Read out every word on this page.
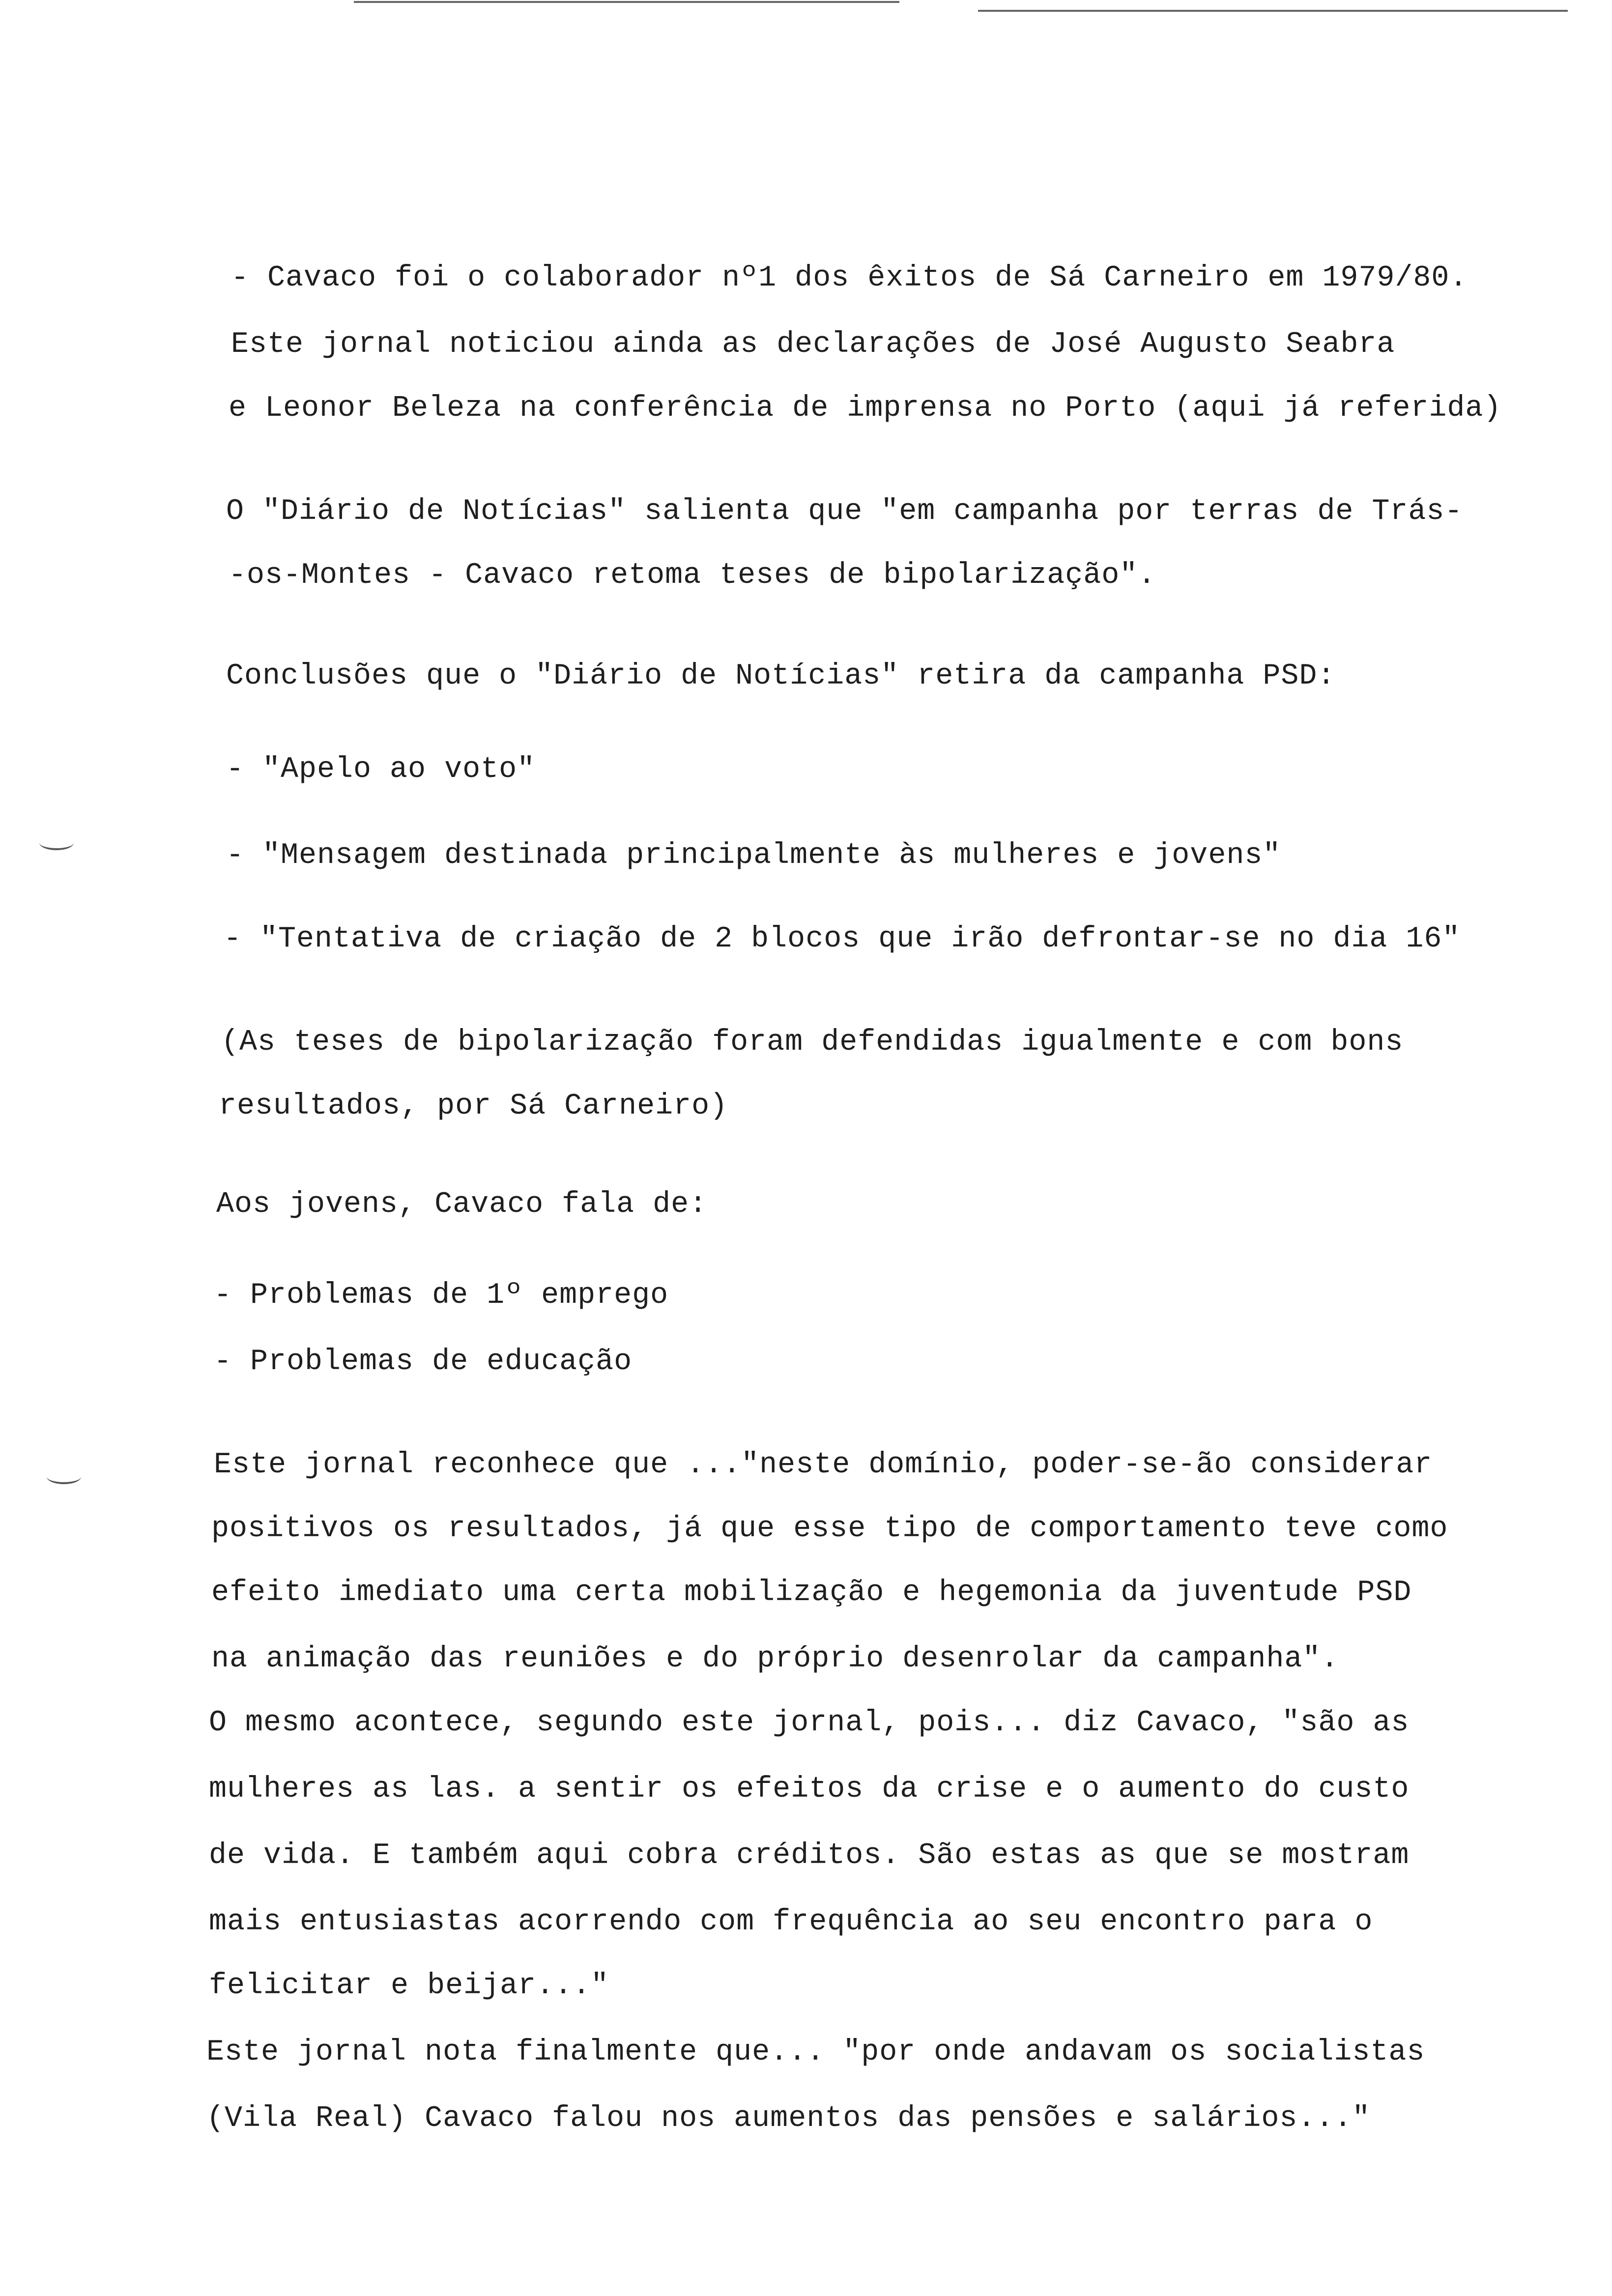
- Cavaco foi o colaborador nº1 dos êxitos de Sá Carneiro em 1979/80.
Este jornal noticiou ainda as declarações de José Augusto Seabra
e Leonor Beleza na conferência de imprensa no Porto (aqui já referida)
O "Diário de Notícias" salienta que "em campanha por terras de Trás-
-os-Montes - Cavaco retoma teses de bipolarização".
Conclusões que o "Diário de Notícias" retira da campanha PSD:
- "Apelo ao voto"
- "Mensagem destinada principalmente às mulheres e jovens"
- "Tentativa de criação de 2 blocos que irão defrontar-se no dia 16"
(As teses de bipolarização foram defendidas igualmente e com bons
resultados, por Sá Carneiro)
Aos jovens, Cavaco fala de:
- Problemas de 1º emprego
- Problemas de educação
Este jornal reconhece que ..."neste domínio, poder-se-ão considerar
positivos os resultados, já que esse tipo de comportamento teve como
efeito imediato uma certa mobilização e hegemonia da juventude PSD
na animação das reuniões e do próprio desenrolar da campanha".
O mesmo acontece, segundo este jornal, pois... diz Cavaco, "são as
mulheres as las. a sentir os efeitos da crise e o aumento do custo
de vida. E também aqui cobra créditos. São estas as que se mostram
mais entusiastas acorrendo com frequência ao seu encontro para o
felicitar e beijar..."
Este jornal nota finalmente que... "por onde andavam os socialistas
(Vila Real) Cavaco falou nos aumentos das pensões e salários..."
